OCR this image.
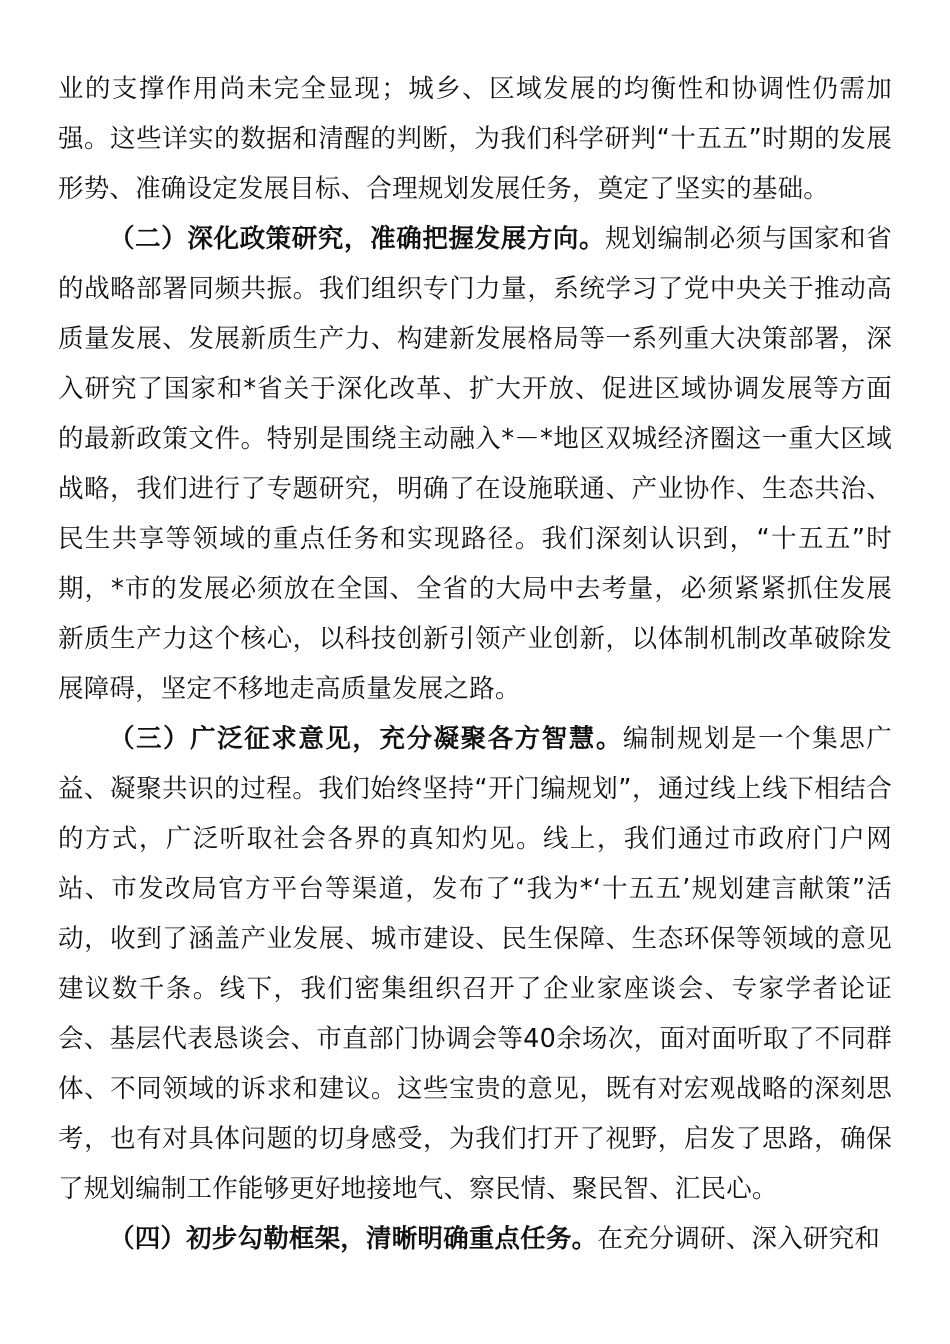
业的支撑作用尚未完全显现；城乡、区域发展的均衡性和协调性仍需加强。这些详实的数据和清醒的判断，为我们科学研判“十五五”时期的发展形势、准确设定发展目标、合理规划发展任务，奠定了坚实的基础。

（二）深化政策研究，准确把握发展方向。规划编制必须与国家和省的战略部署同频共振。我们组织专门力量，系统学习了党中央关于推动高质量发展、发展新质生产力、构建新发展格局等一系列重大决策部署，深入研究了国家和*省关于深化改革、扩大开放、促进区域协调发展等方面的最新政策文件。特别是围绕主动融入*－*地区双城经济圈这一重大区域战略，我们进行了专题研究，明确了在设施联通、产业协作、生态共治、民生共享等领域的重点任务和实现路径。我们深刻认识到，“十五五”时期，*市的发展必须放在全国、全省的大局中去考量，必须紧紧抓住发展新质生产力这个核心，以科技创新引领产业创新，以体制机制改革破除发展障碍，坚定不移地走高质量发展之路。

（三）广泛征求意见，充分凝聚各方智慧。编制规划是一个集思广益、凝聚共识的过程。我们始终坚持“开门编规划”，通过线上线下相结合的方式，广泛听取社会各界的真知灼见。线上，我们通过市政府门户网站、市发改局官方平台等渠道，发布了“我为*‘十五五’规划建言献策”活动，收到了涵盖产业发展、城市建设、民生保障、生态环保等领域的意见建议数千条。线下，我们密集组织召开了企业家座谈会、专家学者论证会、基层代表恳谈会、市直部门协调会等40余场次，面对面听取了不同群体、不同领域的诉求和建议。这些宝贵的意见，既有对宏观战略的深刻思考，也有对具体问题的切身感受，为我们打开了视野，启发了思路，确保了规划编制工作能够更好地接地气、察民情、聚民智、汇民心。

（四）初步勾勒框架，清晰明确重点任务。在充分调研、深入研究和
